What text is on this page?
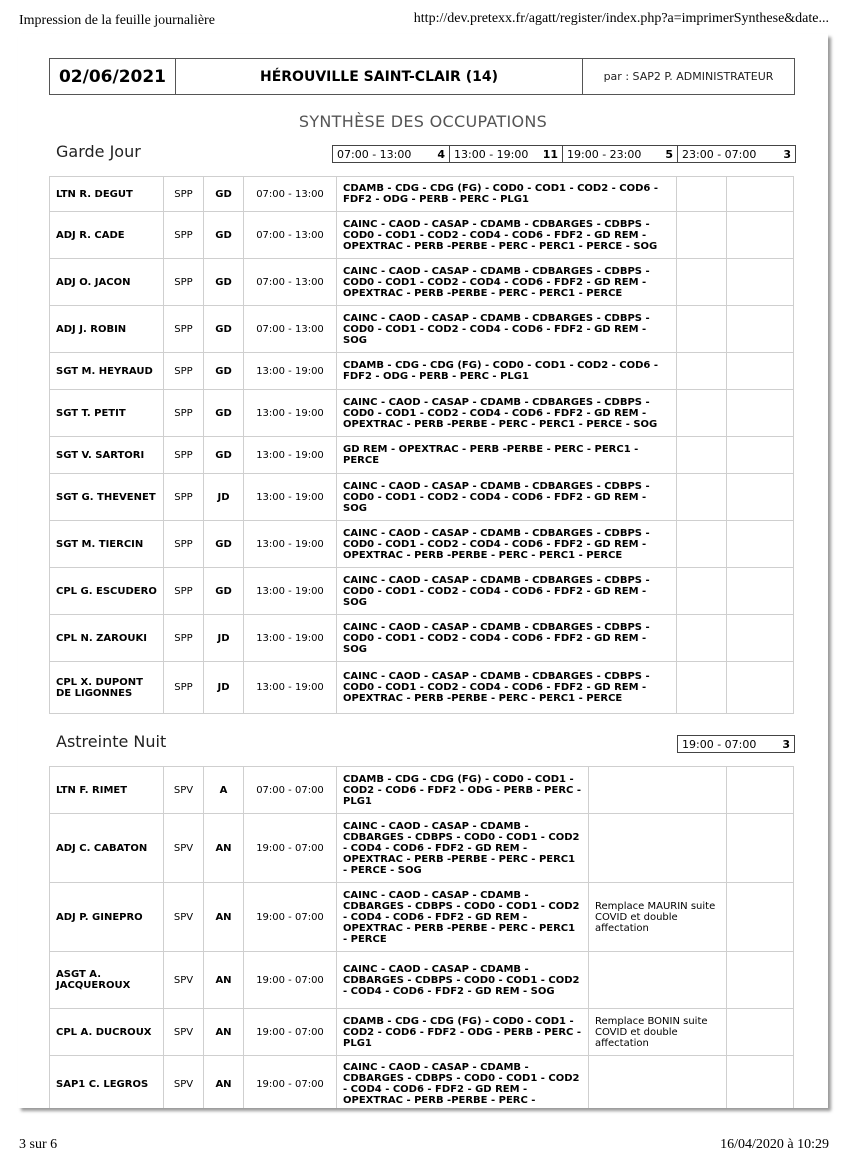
Impression de la feuille journalière	http://dev.pretexx.fr/agatt/register/index.php?a=imprimerSynthese&date...
02/06/2021	HÉROUVILLE SAINT-CLAIR (14)	par : SAP2 P. ADMINISTRATEUR
SYNTHÈSE DES OCCUPATIONS
Garde Jour	07:00 - 13:00 4 13:00 - 19:00 11 19:00 - 23:00 5 23:00 - 07:00 3
LTN R. DEGUT	SPP	GD	07:00 - 13:00	CDAMB - CDG - CDG (FG) - COD0 - COD1 - COD2 - COD6 - FDF2 - ODG - PERB - PERC - PLG1		
ADJ R. CADE	SPP	GD	07:00 - 13:00	CAINC - CAOD - CASAP - CDAMB - CDBARGES - CDBPS - COD0 - COD1 - COD2 - COD4 - COD6 - FDF2 - GD REM - OPEXTRAC - PERB -PERBE - PERC - PERC1 - PERCE - SOG		
ADJ O. JACON	SPP	GD	07:00 - 13:00	CAINC - CAOD - CASAP - CDAMB - CDBARGES - CDBPS - COD0 - COD1 - COD2 - COD4 - COD6 - FDF2 - GD REM - OPEXTRAC - PERB -PERBE - PERC - PERC1 - PERCE		
ADJ J. ROBIN	SPP	GD	07:00 - 13:00	CAINC - CAOD - CASAP - CDAMB - CDBARGES - CDBPS - COD0 - COD1 - COD2 - COD4 - COD6 - FDF2 - GD REM - SOG		
SGT M. HEYRAUD	SPP	GD	13:00 - 19:00	CDAMB - CDG - CDG (FG) - COD0 - COD1 - COD2 - COD6 - FDF2 - ODG - PERB - PERC - PLG1		
SGT T. PETIT	SPP	GD	13:00 - 19:00	CAINC - CAOD - CASAP - CDAMB - CDBARGES - CDBPS - COD0 - COD1 - COD2 - COD4 - COD6 - FDF2 - GD REM - OPEXTRAC - PERB -PERBE - PERC - PERC1 - PERCE - SOG		
SGT V. SARTORI	SPP	GD	13:00 - 19:00	GD REM - OPEXTRAC - PERB -PERBE - PERC - PERC1 - PERCE		
SGT G. THEVENET	SPP	JD	13:00 - 19:00	CAINC - CAOD - CASAP - CDAMB - CDBARGES - CDBPS - COD0 - COD1 - COD2 - COD4 - COD6 - FDF2 - GD REM - SOG		
SGT M. TIERCIN	SPP	GD	13:00 - 19:00	CAINC - CAOD - CASAP - CDAMB - CDBARGES - CDBPS - COD0 - COD1 - COD2 - COD4 - COD6 - FDF2 - GD REM - OPEXTRAC - PERB -PERBE - PERC - PERC1 - PERCE		
CPL G. ESCUDERO	SPP	GD	13:00 - 19:00	CAINC - CAOD - CASAP - CDAMB - CDBARGES - CDBPS - COD0 - COD1 - COD2 - COD4 - COD6 - FDF2 - GD REM - SOG		
CPL N. ZAROUKI	SPP	JD	13:00 - 19:00	CAINC - CAOD - CASAP - CDAMB - CDBARGES - CDBPS - COD0 - COD1 - COD2 - COD4 - COD6 - FDF2 - GD REM - SOG		
CPL X. DUPONT DE LIGONNES	SPP	JD	13:00 - 19:00	CAINC - CAOD - CASAP - CDAMB - CDBARGES - CDBPS - COD0 - COD1 - COD2 - COD4 - COD6 - FDF2 - GD REM - OPEXTRAC - PERB -PERBE - PERC - PERC1 - PERCE		
Astreinte Nuit	19:00 - 07:00 3
LTN F. RIMET	SPV	A	07:00 - 07:00	CDAMB - CDG - CDG (FG) - COD0 - COD1 - COD2 - COD6 - FDF2 - ODG - PERB - PERC - PLG1		
ADJ C. CABATON	SPV	AN	19:00 - 07:00	CAINC - CAOD - CASAP - CDAMB - CDBARGES - CDBPS - COD0 - COD1 - COD2 - COD4 - COD6 - FDF2 - GD REM - OPEXTRAC - PERB -PERBE - PERC - PERC1 - PERCE - SOG		
ADJ P. GINEPRO	SPV	AN	19:00 - 07:00	CAINC - CAOD - CASAP - CDAMB - CDBARGES - CDBPS - COD0 - COD1 - COD2 - COD4 - COD6 - FDF2 - GD REM - OPEXTRAC - PERB -PERBE - PERC - PERC1 - PERCE	Remplace MAURIN suite COVID et double affectation	
ASGT A. JACQUEROUX	SPV	AN	19:00 - 07:00	CAINC - CAOD - CASAP - CDAMB - CDBARGES - CDBPS - COD0 - COD1 - COD2 - COD4 - COD6 - FDF2 - GD REM - SOG		
CPL A. DUCROUX	SPV	AN	19:00 - 07:00	CDAMB - CDG - CDG (FG) - COD0 - COD1 - COD2 - COD6 - FDF2 - ODG - PERB - PERC - PLG1	Remplace BONIN suite COVID et double affectation	
SAP1 C. LEGROS	SPV	AN	19:00 - 07:00	CAINC - CAOD - CASAP - CDAMB - CDBARGES - CDBPS - COD0 - COD1 - COD2 - COD4 - COD6 - FDF2 - GD REM - OPEXTRAC - PERB -PERBE - PERC -		
3 sur 6	16/04/2020 à 10:29
